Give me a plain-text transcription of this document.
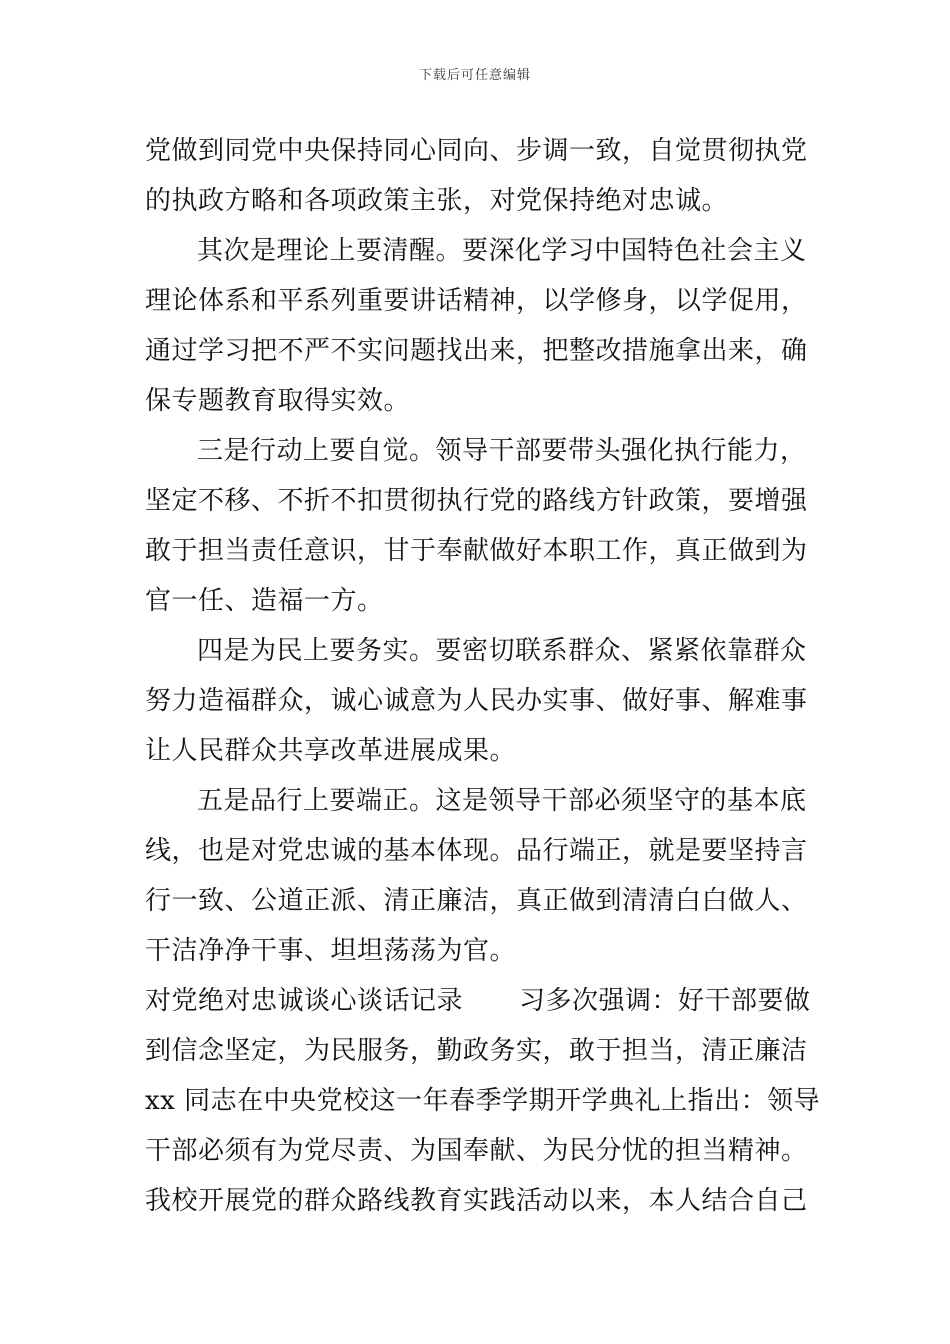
下载后可任意编辑
党做到同党中央保持同心同向、步调一致，自觉贯彻执党
的执政方略和各项政策主张，对党保持绝对忠诚。
其次是理论上要清醒。要深化学习中国特色社会主义
理论体系和平系列重要讲话精神，以学修身，以学促用，
通过学习把不严不实问题找出来，把整改措施拿出来，确
保专题教育取得实效。
三是行动上要自觉。领导干部要带头强化执行能力，
坚定不移、不折不扣贯彻执行党的路线方针政策，要增强
敢于担当责任意识，甘于奉献做好本职工作，真正做到为
官一任、造福一方。
四是为民上要务实。要密切联系群众、紧紧依靠群众
努力造福群众，诚心诚意为人民办实事、做好事、解难事
让人民群众共享改革进展成果。
五是品行上要端正。这是领导干部必须坚守的基本底
线，也是对党忠诚的基本体现。品行端正，就是要坚持言
行一致、公道正派、清正廉洁，真正做到清清白白做人、
干洁净净干事、坦坦荡荡为官。
对党绝对忠诚谈心谈话记录 习多次强调：好干部要做
到信念坚定，为民服务，勤政务实，敢于担当，清正廉洁
xx 同志在中央党校这一年春季学期开学典礼上指出：领导
干部必须有为党尽责、为国奉献、为民分忧的担当精神。
我校开展党的群众路线教育实践活动以来，本人结合自己
